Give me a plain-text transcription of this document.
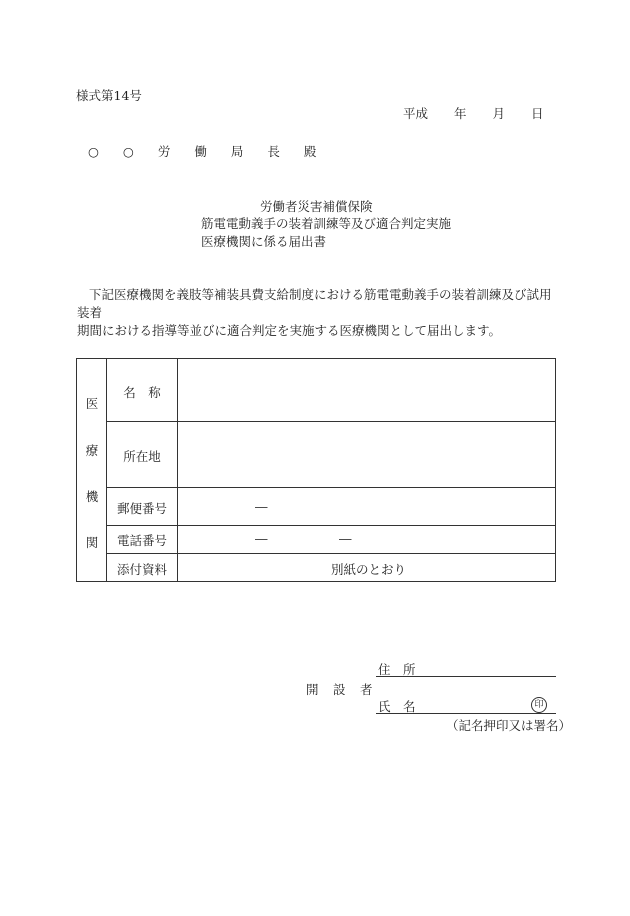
様式第14号
平成 年 月 日
○ ○ 労 働 局 長 殿
労働者災害補償保険
筋電電動義手の装着訓練等及び適合判定実施
医療機関に係る届出書
下記医療機関を義肢等補装具費支給制度における筋電電動義手の装着訓練及び試用装着
期間における指導等並びに適合判定を実施する医療機関として届出します。
医
療
機
関
名　称
所在地
郵便番号
電話番号
添付資料
―
―	―
別紙のとおり
住　所
開　設　者
氏　名	印
（記名押印又は署名）
